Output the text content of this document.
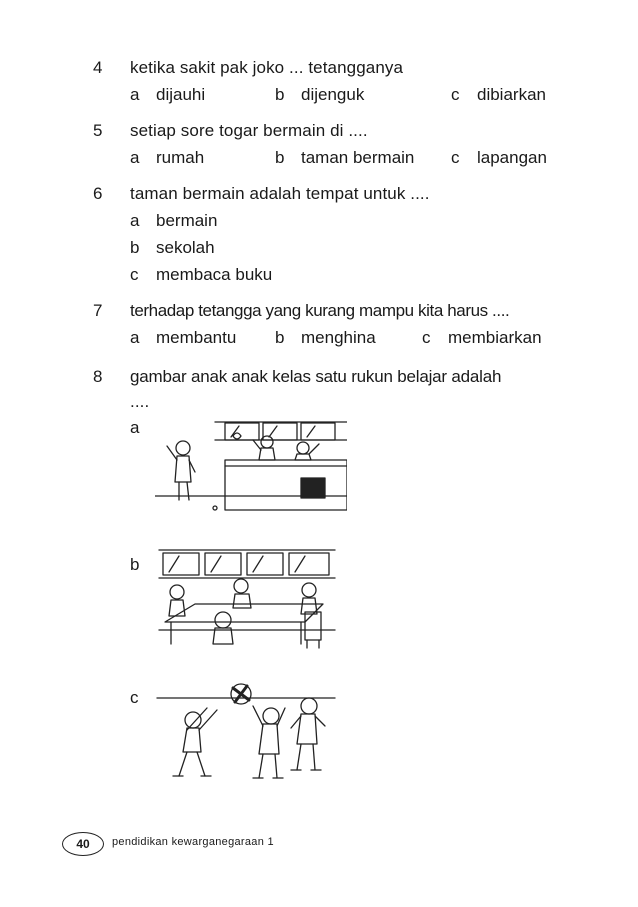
4 ketika sakit pak joko ... tetangganya
a dijauhi	b dijenguk	c dibiarkan
5 setiap sore togar bermain di ....
a rumah	b taman bermain c lapangan
6 taman bermain adalah tempat untuk ....
a bermain
b sekolah
c membaca buku
7 terhadap tetangga yang kurang mampu kita harus ....
a membantu b menghina	c membiarkan
8 gambar anak anak kelas satu rukun belajar adalah
....
a
b
c
40 pendidikan kewarganegaraan 1
